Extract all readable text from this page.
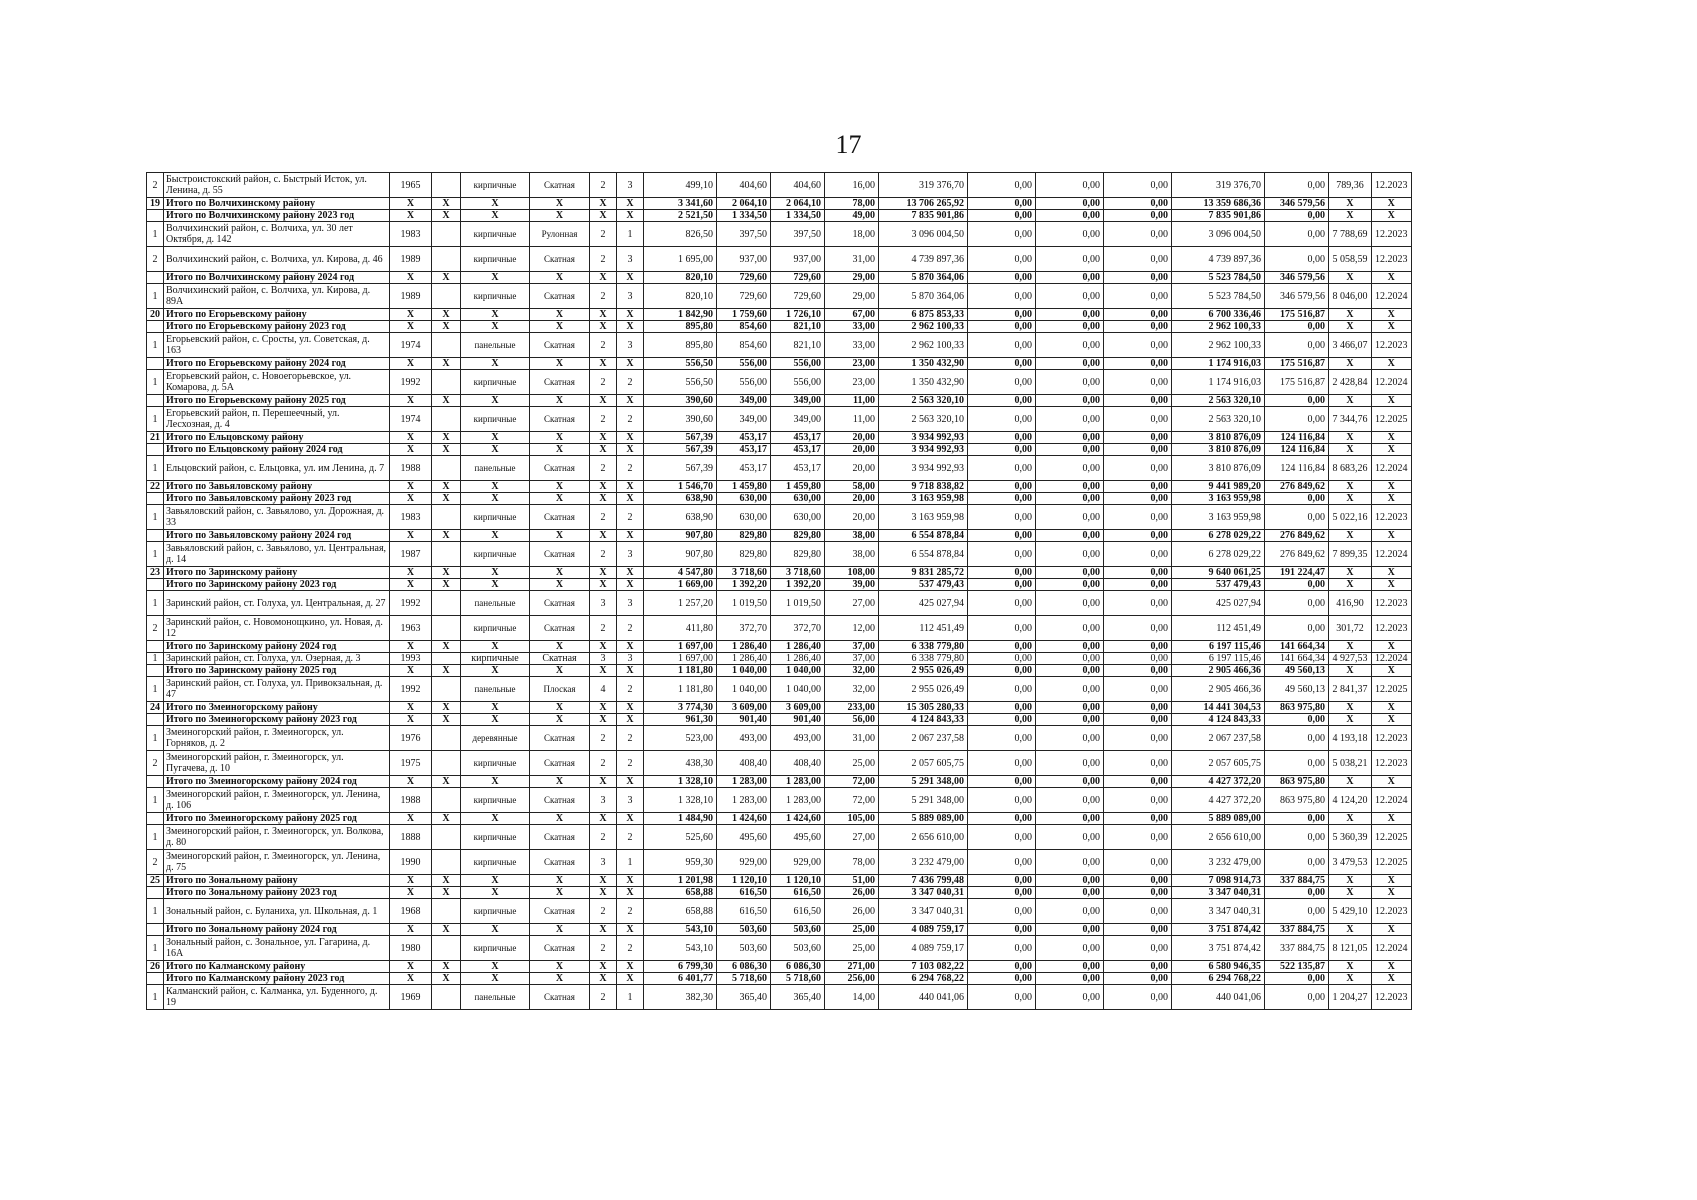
17
2	Быстроистокский район, с. Быстрый Исток, ул. Ленина, д. 55	1965		кирпичные	Скатная	2	3	499,10	404,60	404,60	16,00	319 376,70	0,00	0,00	0,00	319 376,70	0,00	789,36	12.2023
19	Итого по Волчихинскому району	X	X	X	X	X	X	3 341,60	2 064,10	2 064,10	78,00	13 706 265,92	0,00	0,00	0,00	13 359 686,36	346 579,56	X	X
	Итого по Волчихинскому району 2023 год	X	X	X	X	X	X	2 521,50	1 334,50	1 334,50	49,00	7 835 901,86	0,00	0,00	0,00	7 835 901,86	0,00	X	X
1	Волчихинский район, с. Волчиха, ул. 30 лет Октября, д. 142	1983		кирпичные	Рулонная	2	1	826,50	397,50	397,50	18,00	3 096 004,50	0,00	0,00	0,00	3 096 004,50	0,00	7 788,69	12.2023
2	Волчихинский район, с. Волчиха, ул. Кирова, д. 46	1989		кирпичные	Скатная	2	3	1 695,00	937,00	937,00	31,00	4 739 897,36	0,00	0,00	0,00	4 739 897,36	0,00	5 058,59	12.2023
	Итого по Волчихинскому району 2024 год	X	X	X	X	X	X	820,10	729,60	729,60	29,00	5 870 364,06	0,00	0,00	0,00	5 523 784,50	346 579,56	X	X
1	Волчихинский район, с. Волчиха, ул. Кирова, д. 89А	1989		кирпичные	Скатная	2	3	820,10	729,60	729,60	29,00	5 870 364,06	0,00	0,00	0,00	5 523 784,50	346 579,56	8 046,00	12.2024
20	Итого по Егорьевскому району	X	X	X	X	X	X	1 842,90	1 759,60	1 726,10	67,00	6 875 853,33	0,00	0,00	0,00	6 700 336,46	175 516,87	X	X
	Итого по Егорьевскому району 2023 год	X	X	X	X	X	X	895,80	854,60	821,10	33,00	2 962 100,33	0,00	0,00	0,00	2 962 100,33	0,00	X	X
1	Егорьевский район, с. Сросты, ул. Советская, д. 163	1974		панельные	Скатная	2	3	895,80	854,60	821,10	33,00	2 962 100,33	0,00	0,00	0,00	2 962 100,33	0,00	3 466,07	12.2023
	Итого по Егорьевскому району 2024 год	X	X	X	X	X	X	556,50	556,00	556,00	23,00	1 350 432,90	0,00	0,00	0,00	1 174 916,03	175 516,87	X	X
1	Егорьевский район, с. Новоегорьевское, ул. Комарова, д. 5А	1992		кирпичные	Скатная	2	2	556,50	556,00	556,00	23,00	1 350 432,90	0,00	0,00	0,00	1 174 916,03	175 516,87	2 428,84	12.2024
	Итого по Егорьевскому району 2025 год	X	X	X	X	X	X	390,60	349,00	349,00	11,00	2 563 320,10	0,00	0,00	0,00	2 563 320,10	0,00	X	X
1	Егорьевский район, п. Перешеечный, ул. Лесхозная, д. 4	1974		кирпичные	Скатная	2	2	390,60	349,00	349,00	11,00	2 563 320,10	0,00	0,00	0,00	2 563 320,10	0,00	7 344,76	12.2025
21	Итого по Ельцовскому району	X	X	X	X	X	X	567,39	453,17	453,17	20,00	3 934 992,93	0,00	0,00	0,00	3 810 876,09	124 116,84	X	X
	Итого по Ельцовскому району 2024 год	X	X	X	X	X	X	567,39	453,17	453,17	20,00	3 934 992,93	0,00	0,00	0,00	3 810 876,09	124 116,84	X	X
1	Ельцовский район, с. Ельцовка, ул. им Ленина, д. 7	1988		панельные	Скатная	2	2	567,39	453,17	453,17	20,00	3 934 992,93	0,00	0,00	0,00	3 810 876,09	124 116,84	8 683,26	12.2024
22	Итого по Завьяловскому району	X	X	X	X	X	X	1 546,70	1 459,80	1 459,80	58,00	9 718 838,82	0,00	0,00	0,00	9 441 989,20	276 849,62	X	X
	Итого по Завьяловскому району 2023 год	X	X	X	X	X	X	638,90	630,00	630,00	20,00	3 163 959,98	0,00	0,00	0,00	3 163 959,98	0,00	X	X
1	Завьяловский район, с. Завьялово, ул. Дорожная, д. 33	1983		кирпичные	Скатная	2	2	638,90	630,00	630,00	20,00	3 163 959,98	0,00	0,00	0,00	3 163 959,98	0,00	5 022,16	12.2023
	Итого по Завьяловскому району 2024 год	X	X	X	X	X	X	907,80	829,80	829,80	38,00	6 554 878,84	0,00	0,00	0,00	6 278 029,22	276 849,62	X	X
1	Завьяловский район, с. Завьялово, ул. Центральная, д. 14	1987		кирпичные	Скатная	2	3	907,80	829,80	829,80	38,00	6 554 878,84	0,00	0,00	0,00	6 278 029,22	276 849,62	7 899,35	12.2024
23	Итого по Заринскому району	X	X	X	X	X	X	4 547,80	3 718,60	3 718,60	108,00	9 831 285,72	0,00	0,00	0,00	9 640 061,25	191 224,47	X	X
	Итого по Заринскому району 2023 год	X	X	X	X	X	X	1 669,00	1 392,20	1 392,20	39,00	537 479,43	0,00	0,00	0,00	537 479,43	0,00	X	X
1	Заринский район, ст. Голуха, ул. Центральная, д. 27	1992		панельные	Скатная	3	3	1 257,20	1 019,50	1 019,50	27,00	425 027,94	0,00	0,00	0,00	425 027,94	0,00	416,90	12.2023
2	Заринский район, с. Новомонощкино, ул. Новая, д. 12	1963		кирпичные	Скатная	2	2	411,80	372,70	372,70	12,00	112 451,49	0,00	0,00	0,00	112 451,49	0,00	301,72	12.2023
	Итого по Заринскому району 2024 год	X	X	X	X	X	X	1 697,00	1 286,40	1 286,40	37,00	6 338 779,80	0,00	0,00	0,00	6 197 115,46	141 664,34	X	X
1	Заринский район, ст. Голуха, ул. Озерная, д. 3	1993		кирпичные	Скатная	3	3	1 697,00	1 286,40	1 286,40	37,00	6 338 779,80	0,00	0,00	0,00	6 197 115,46	141 664,34	4 927,53	12.2024
	Итого по Заринскому району 2025 год	X	X	X	X	X	X	1 181,80	1 040,00	1 040,00	32,00	2 955 026,49	0,00	0,00	0,00	2 905 466,36	49 560,13	X	X
1	Заринский район, ст. Голуха, ул. Привокзальная, д. 47	1992		панельные	Плоская	4	2	1 181,80	1 040,00	1 040,00	32,00	2 955 026,49	0,00	0,00	0,00	2 905 466,36	49 560,13	2 841,37	12.2025
24	Итого по Змеиногорскому району	X	X	X	X	X	X	3 774,30	3 609,00	3 609,00	233,00	15 305 280,33	0,00	0,00	0,00	14 441 304,53	863 975,80	X	X
	Итого по Змеиногорскому району 2023 год	X	X	X	X	X	X	961,30	901,40	901,40	56,00	4 124 843,33	0,00	0,00	0,00	4 124 843,33	0,00	X	X
1	Змеиногорский район, г. Змеиногорск, ул. Горняков, д. 2	1976		деревянные	Скатная	2	2	523,00	493,00	493,00	31,00	2 067 237,58	0,00	0,00	0,00	2 067 237,58	0,00	4 193,18	12.2023
2	Змеиногорский район, г. Змеиногорск, ул. Пугачева, д. 10	1975		кирпичные	Скатная	2	2	438,30	408,40	408,40	25,00	2 057 605,75	0,00	0,00	0,00	2 057 605,75	0,00	5 038,21	12.2023
	Итого по Змеиногорскому району 2024 год	X	X	X	X	X	X	1 328,10	1 283,00	1 283,00	72,00	5 291 348,00	0,00	0,00	0,00	4 427 372,20	863 975,80	X	X
1	Змеиногорский район, г. Змеиногорск, ул. Ленина, д. 106	1988		кирпичные	Скатная	3	3	1 328,10	1 283,00	1 283,00	72,00	5 291 348,00	0,00	0,00	0,00	4 427 372,20	863 975,80	4 124,20	12.2024
	Итого по Змеиногорскому району 2025 год	X	X	X	X	X	X	1 484,90	1 424,60	1 424,60	105,00	5 889 089,00	0,00	0,00	0,00	5 889 089,00	0,00	X	X
1	Змеиногорский район, г. Змеиногорск, ул. Волкова, д. 80	1888		кирпичные	Скатная	2	2	525,60	495,60	495,60	27,00	2 656 610,00	0,00	0,00	0,00	2 656 610,00	0,00	5 360,39	12.2025
2	Змеиногорский район, г. Змеиногорск, ул. Ленина, д. 75	1990		кирпичные	Скатная	3	1	959,30	929,00	929,00	78,00	3 232 479,00	0,00	0,00	0,00	3 232 479,00	0,00	3 479,53	12.2025
25	Итого по Зональному району	X	X	X	X	X	X	1 201,98	1 120,10	1 120,10	51,00	7 436 799,48	0,00	0,00	0,00	7 098 914,73	337 884,75	X	X
	Итого по Зональному району 2023 год	X	X	X	X	X	X	658,88	616,50	616,50	26,00	3 347 040,31	0,00	0,00	0,00	3 347 040,31	0,00	X	X
1	Зональный район, с. Буланиха, ул. Школьная, д. 1	1968		кирпичные	Скатная	2	2	658,88	616,50	616,50	26,00	3 347 040,31	0,00	0,00	0,00	3 347 040,31	0,00	5 429,10	12.2023
	Итого по Зональному району 2024 год	X	X	X	X	X	X	543,10	503,60	503,60	25,00	4 089 759,17	0,00	0,00	0,00	3 751 874,42	337 884,75	X	X
1	Зональный район, с. Зональное, ул. Гагарина, д. 16А	1980		кирпичные	Скатная	2	2	543,10	503,60	503,60	25,00	4 089 759,17	0,00	0,00	0,00	3 751 874,42	337 884,75	8 121,05	12.2024
26	Итого по Калманскому району	X	X	X	X	X	X	6 799,30	6 086,30	6 086,30	271,00	7 103 082,22	0,00	0,00	0,00	6 580 946,35	522 135,87	X	X
	Итого по Калманскому району 2023 год	X	X	X	X	X	X	6 401,77	5 718,60	5 718,60	256,00	6 294 768,22	0,00	0,00	0,00	6 294 768,22	0,00	X	X
1	Калманский район, с. Калманка, ул. Буденного, д. 19	1969		панельные	Скатная	2	1	382,30	365,40	365,40	14,00	440 041,06	0,00	0,00	0,00	440 041,06	0,00	1 204,27	12.2023
